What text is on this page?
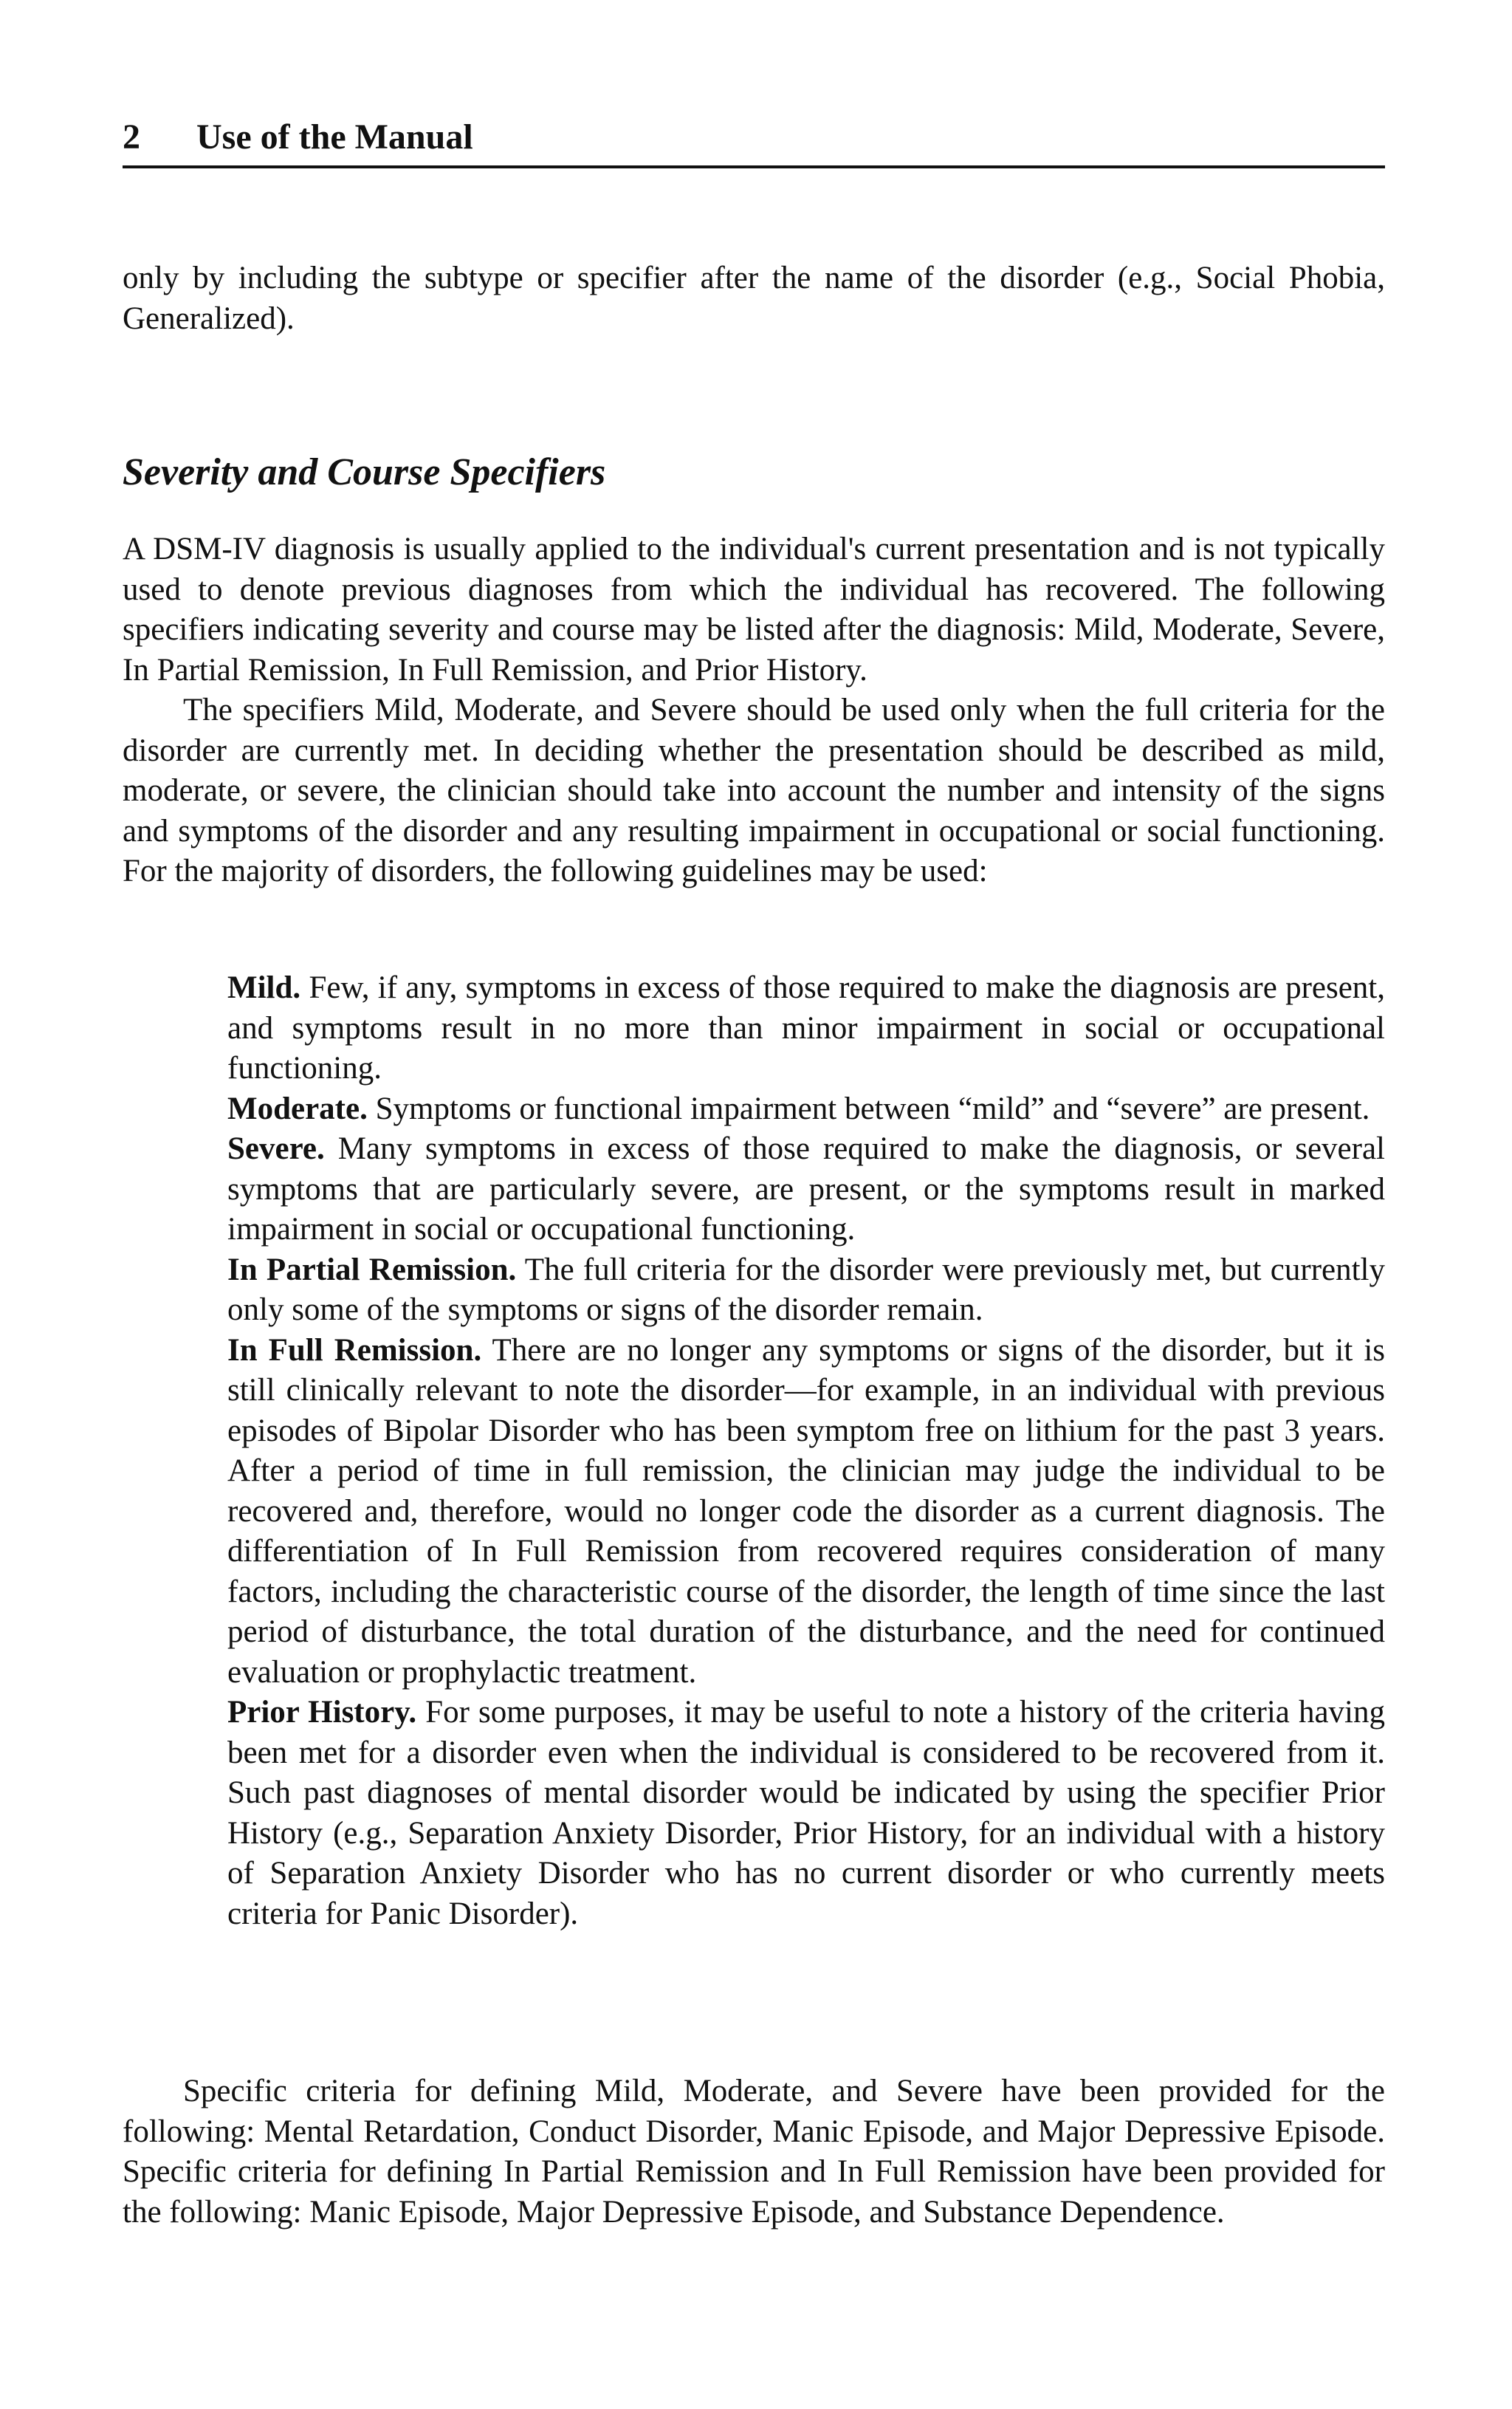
2 Use of the Manual

only by including the subtype or specifier after the name of the disorder (e.g., Social Phobia, Generalized).

Severity and Course Specifiers

A DSM-IV diagnosis is usually applied to the individual's current presentation and is not typically used to denote previous diagnoses from which the individual has recovered. The following specifiers indicating severity and course may be listed after the diagnosis: Mild, Moderate, Severe, In Partial Remission, In Full Remission, and Prior History.

The specifiers Mild, Moderate, and Severe should be used only when the full criteria for the disorder are currently met. In deciding whether the presentation should be described as mild, moderate, or severe, the clinician should take into account the number and intensity of the signs and symptoms of the disorder and any resulting impairment in occupational or social functioning. For the majority of disorders, the following guidelines may be used:

Mild. Few, if any, symptoms in excess of those required to make the diagnosis are present, and symptoms result in no more than minor impairment in social or occupational functioning.

Moderate. Symptoms or functional impairment between “mild” and “severe” are present.

Severe. Many symptoms in excess of those required to make the diagnosis, or several symptoms that are particularly severe, are present, or the symptoms result in marked impairment in social or occupational functioning.

In Partial Remission. The full criteria for the disorder were previously met, but currently only some of the symptoms or signs of the disorder remain.

In Full Remission. There are no longer any symptoms or signs of the disorder, but it is still clinically relevant to note the disorder—for example, in an individual with previous episodes of Bipolar Disorder who has been symptom free on lithium for the past 3 years. After a period of time in full remission, the clinician may judge the individual to be recovered and, therefore, would no longer code the disorder as a current diagnosis. The differentiation of In Full Remission from recovered requires consideration of many factors, including the characteristic course of the disorder, the length of time since the last period of disturbance, the total duration of the disturbance, and the need for continued evaluation or prophylactic treatment.

Prior History. For some purposes, it may be useful to note a history of the criteria having been met for a disorder even when the individual is considered to be recovered from it. Such past diagnoses of mental disorder would be indicated by using the specifier Prior History (e.g., Separation Anxiety Disorder, Prior History, for an individual with a history of Separation Anxiety Disorder who has no current disorder or who currently meets criteria for Panic Disorder).

Specific criteria for defining Mild, Moderate, and Severe have been provided for the following: Mental Retardation, Conduct Disorder, Manic Episode, and Major Depressive Episode. Specific criteria for defining In Partial Remission and In Full Remission have been provided for the following: Manic Episode, Major Depressive Episode, and Substance Dependence.
